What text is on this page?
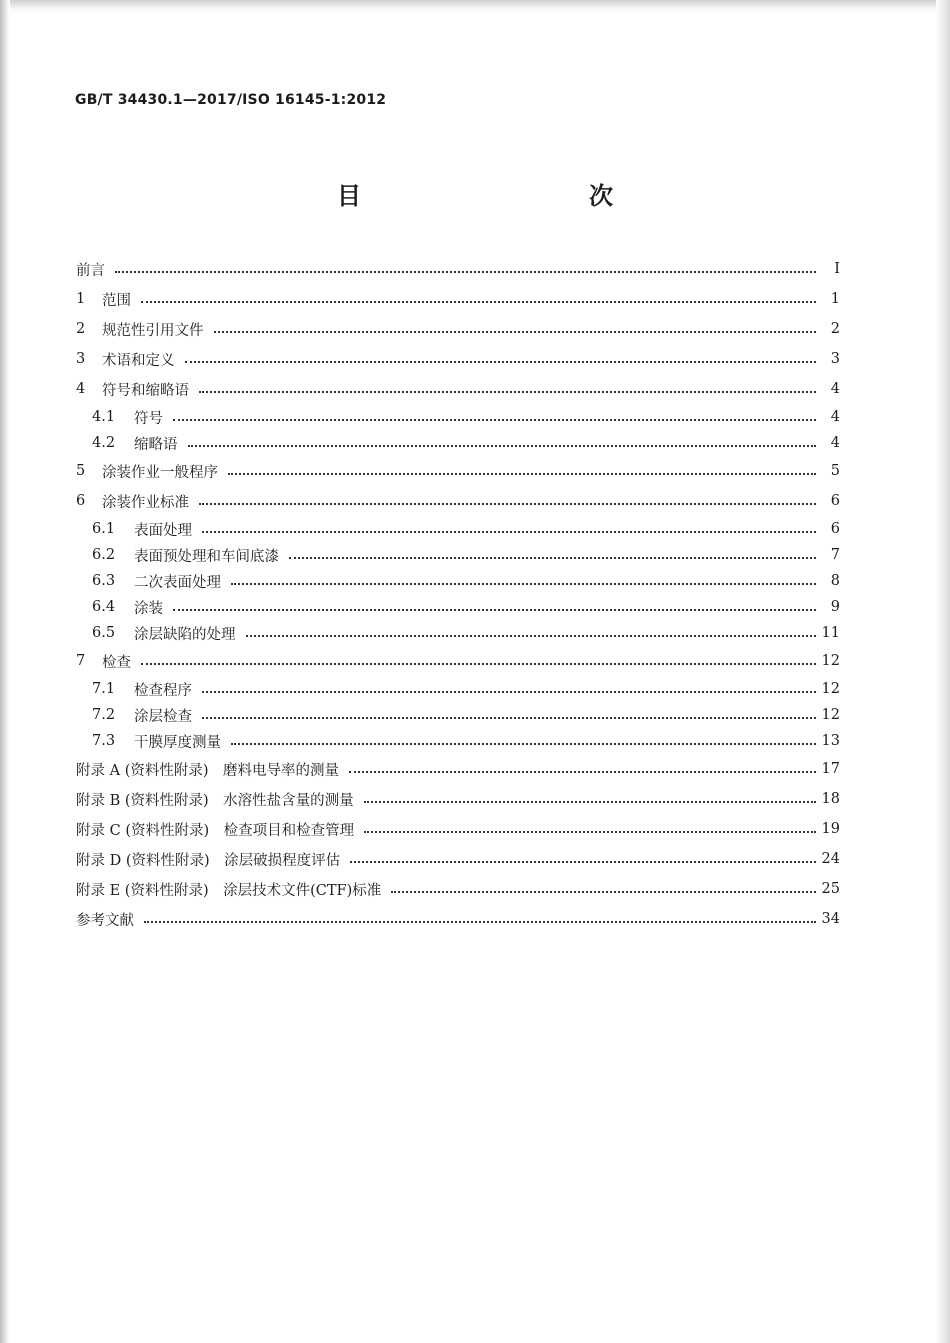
GB/T 34430.1—2017/ISO 16145-1:2012
目　　次
前言	Ⅰ
1	范围	1
2	规范性引用文件	2
3	术语和定义	3
4	符号和缩略语	4
4.1	符号	4
4.2	缩略语	4
5	涂装作业一般程序	5
6	涂装作业标准	6
6.1	表面处理	6
6.2	表面预处理和车间底漆	7
6.3	二次表面处理	8
6.4	涂装	9
6.5	涂层缺陷的处理	11
7	检查	12
7.1	检查程序	12
7.2	涂层检查	12
7.3	干膜厚度测量	13
附录 A (资料性附录)　磨料电导率的测量	17
附录 B (资料性附录)　水溶性盐含量的测量	18
附录 C (资料性附录)　检查项目和检查管理	19
附录 D (资料性附录)　涂层破损程度评估	24
附录 E (资料性附录)　涂层技术文件(CTF)标准	25
参考文献	34
